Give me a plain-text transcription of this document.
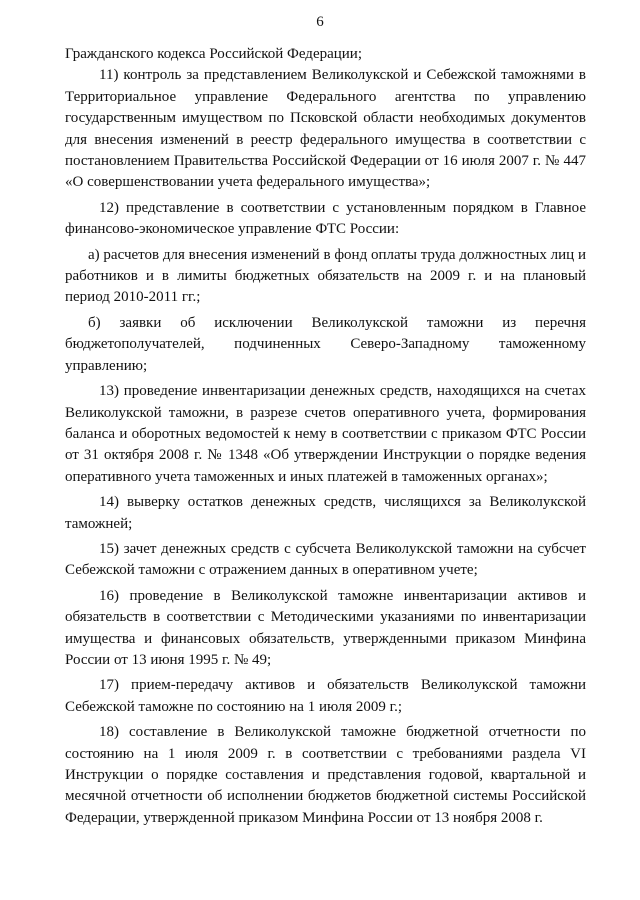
6

Гражданского кодекса Российской Федерации;

11) контроль за представлением Великолукской и Себежской таможнями в Территориальное управление Федерального агентства по управлению государственным имуществом по Псковской области необходимых документов для внесения изменений в реестр федерального имущества в соответствии с постановлением Правительства Российской Федерации от 16 июля 2007 г. № 447 «О совершенствовании учета федерального имущества»;

12) представление в соответствии с установленным порядком в Главное финансово-экономическое управление ФТС России:

а) расчетов для внесения изменений в фонд оплаты труда должностных лиц и работников и в лимиты бюджетных обязательств на 2009 г. и на плановый период 2010-2011 гг.;

б) заявки об исключении Великолукской таможни из перечня бюджетополучателей, подчиненных Северо-Западному таможенному управлению;

13) проведение инвентаризации денежных средств, находящихся на счетах Великолукской таможни, в разрезе счетов оперативного учета, формирования баланса и оборотных ведомостей к нему в соответствии с приказом ФТС России от 31 октября 2008 г. № 1348 «Об утверждении Инструкции о порядке ведения оперативного учета таможенных и иных платежей в таможенных органах»;

14) выверку остатков денежных средств, числящихся за Великолукской таможней;

15) зачет денежных средств с субсчета Великолукской таможни на субсчет Себежской таможни с отражением данных в оперативном учете;

16) проведение в Великолукской таможне инвентаризации активов и обязательств в соответствии с Методическими указаниями по инвентаризации имущества и финансовых обязательств, утвержденными приказом Минфина России от 13 июня 1995 г. № 49;

17) прием-передачу активов и обязательств Великолукской таможни Себежской таможне по состоянию на 1 июля 2009 г.;

18) составление в Великолукской таможне бюджетной отчетности по состоянию на 1 июля 2009 г. в соответствии с требованиями раздела VI Инструкции о порядке составления и представления годовой, квартальной и месячной отчетности об исполнении бюджетов бюджетной системы Российской Федерации, утвержденной приказом Минфина России от 13 ноября 2008 г.
